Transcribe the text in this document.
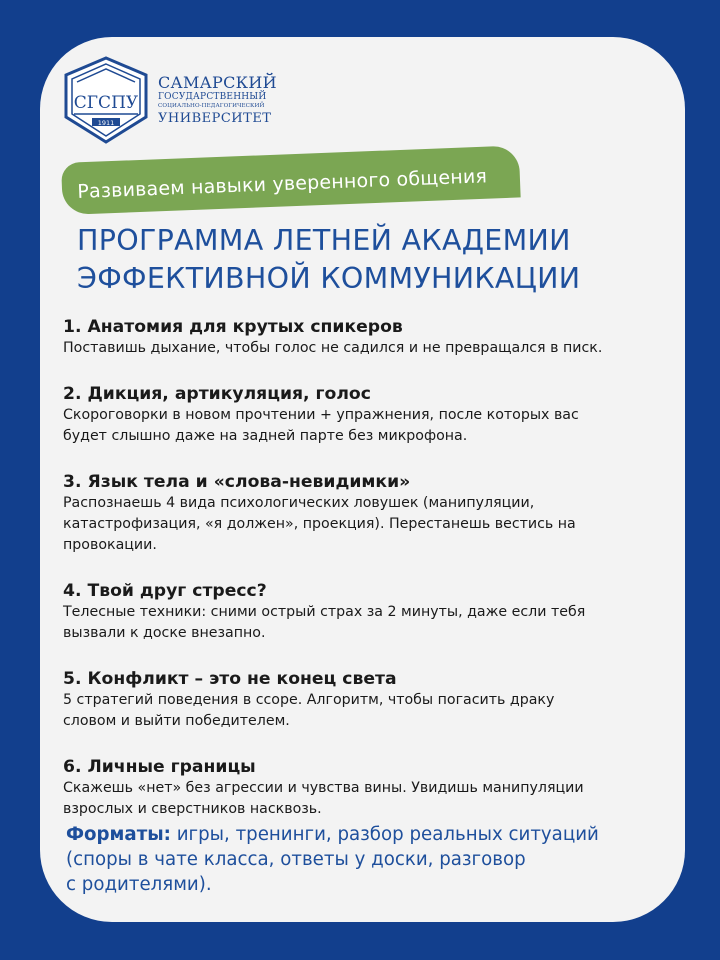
СГСПУ
1911
САМАРСКИЙ
ГОСУДАРСТВЕННЫЙ
СОЦИАЛЬНО-ПЕДАГОГИЧЕСКИЙ
УНИВЕРСИТЕТ
Развиваем навыки уверенного общения
ПРОГРАММА ЛЕТНЕЙ АКАДЕМИИ
ЭФФЕКТИВНОЙ КОММУНИКАЦИИ
1. Анатомия для крутых спикеров

Поставишь дыхание, чтобы голос не садился и не превращался в писк.

2. Дикция, артикуляция, голос

Скороговорки в новом прочтении + упражнения, после которых вас
будет слышно даже на задней парте без микрофона.

3. Язык тела и «слова-невидимки»

Распознаешь 4 вида психологических ловушек (манипуляции,
катастрофизация, «я должен», проекция). Перестанешь вестись на
провокации.

4. Твой друг стресс?

Телесные техники: сними острый страх за 2 минуты, даже если тебя
вызвали к доске внезапно.

5. Конфликт – это не конец света

5 стратегий поведения в ссоре. Алгоритм, чтобы погасить драку
словом и выйти победителем.

6. Личные границы

Скажешь «нет» без агрессии и чувства вины. Увидишь манипуляции
взрослых и сверстников насквозь.

Форматы: игры, тренинги, разбор реальных ситуаций
(споры в чате класса, ответы у доски, разговор
с родителями).
